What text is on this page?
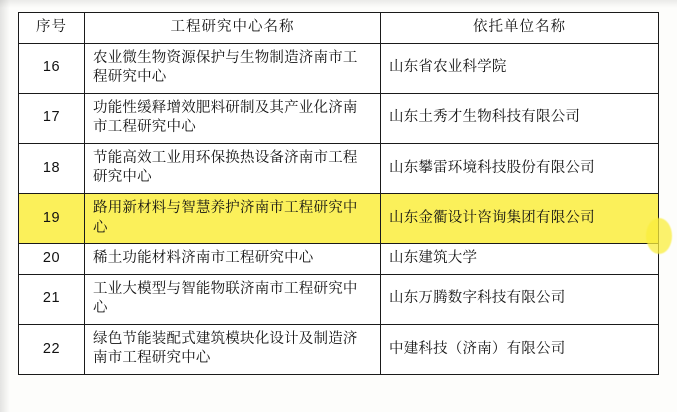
序号	工程研究中心名称	依托单位名称
16	农业微生物资源保护与生物制造济南市工程研究中心	山东省农业科学院
17	功能性缓释增效肥料研制及其产业化济南市工程研究中心	山东土秀才生物科技有限公司
18	节能高效工业用环保换热设备济南市工程研究中心	山东攀雷环境科技股份有限公司
19	路用新材料与智慧养护济南市工程研究中心	山东金衢设计咨询集团有限公司
20	稀土功能材料济南市工程研究中心	山东建筑大学
21	工业大模型与智能物联济南市工程研究中心	山东万腾数字科技有限公司
22	绿色节能装配式建筑模块化设计及制造济南市工程研究中心	中建科技（济南）有限公司
